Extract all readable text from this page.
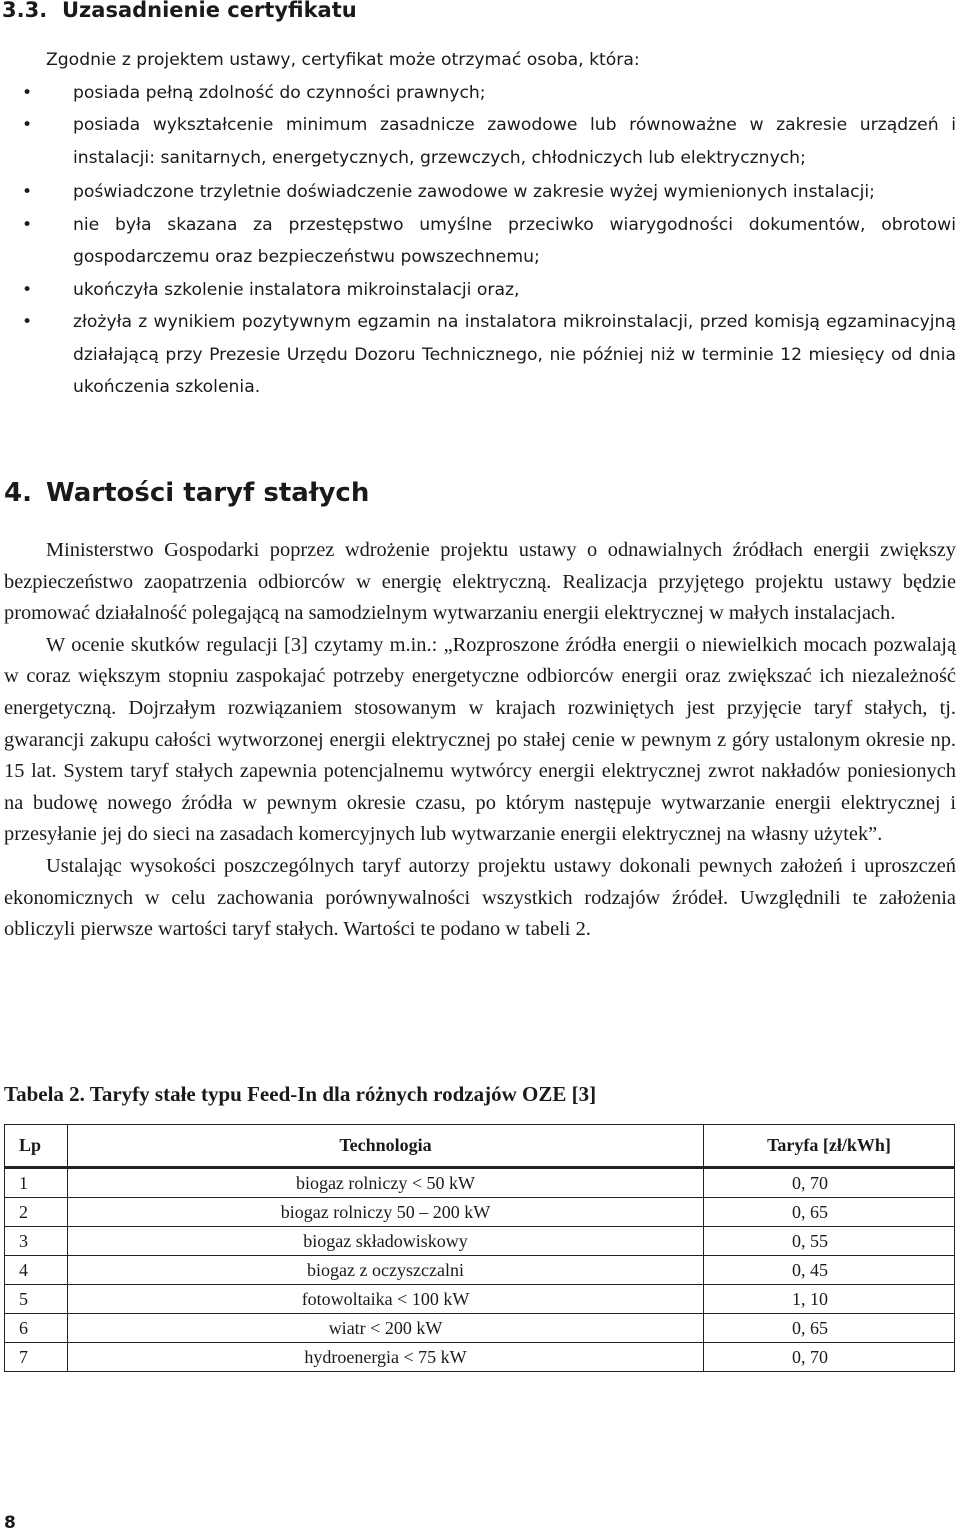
3.3. Uzasadnienie certyfikatu

Zgodnie z projektem ustawy, certyfikat może otrzymać osoba, która:

• posiada pełną zdolność do czynności prawnych;
• posiada wykształcenie minimum zasadnicze zawodowe lub równoważne w zakresie urządzeń i instalacji: sanitarnych, energetycznych, grzewczych, chłodniczych lub elektrycznych;
• poświadczone trzyletnie doświadczenie zawodowe w zakresie wyżej wymienionych instalacji;
• nie była skazana za przestępstwo umyślne przeciwko wiarygodności dokumentów, obrotowi gospodarczemu oraz bezpieczeństwu powszechnemu;
• ukończyła szkolenie instalatora mikroinstalacji oraz,
• złożyła z wynikiem pozytywnym egzamin na instalatora mikroinstalacji, przed komisją egzaminacyjną działającą przy Prezesie Urzędu Dozoru Technicznego, nie później niż w terminie 12 miesięcy od dnia ukończenia szkolenia.
4. Wartości taryf stałych

Ministerstwo Gospodarki poprzez wdrożenie projektu ustawy o odnawialnych źródłach energii zwiększy bezpieczeństwo zaopatrzenia odbiorców w energię elektryczną. Realizacja przyjętego projektu ustawy będzie promować działalność polegającą na samodzielnym wytwarzaniu energii elektrycznej w małych instalacjach.

W ocenie skutków regulacji [3] czytamy m.in.: „Rozproszone źródła energii o niewielkich mocach pozwalają w coraz większym stopniu zaspokajać potrzeby energetyczne odbiorców energii oraz zwiększać ich niezależność energetyczną. Dojrzałym rozwiązaniem stosowanym w krajach rozwiniętych jest przyjęcie taryf stałych, tj. gwarancji zakupu całości wytworzonej energii elektrycznej po stałej cenie w pewnym z góry ustalonym okresie np. 15 lat. System taryf stałych zapewnia potencjalnemu wytwórcy energii elektrycznej zwrot nakładów poniesionych na budowę nowego źródła w pewnym okresie czasu, po którym następuje wytwarzanie energii elektrycznej i przesyłanie jej do sieci na zasadach komercyjnych lub wytwarzanie energii elektrycznej na własny użytek”.

Ustalając wysokości poszczególnych taryf autorzy projektu ustawy dokonali pewnych założeń i uproszczeń ekonomicznych w celu zachowania porównywalności wszystkich rodzajów źródeł. Uwzględnili te założenia obliczyli pierwsze wartości taryf stałych. Wartości te podano w tabeli 2.

Tabela 2. Taryfy stałe typu Feed-In dla różnych rodzajów OZE [3]

Lp	Technologia	Taryfa [zł/kWh]
1	biogaz rolniczy < 50 kW	0, 70
2	biogaz rolniczy 50 – 200 kW	0, 65
3	biogaz składowiskowy	0, 55
4	biogaz z oczyszczalni	0, 45
5	fotowoltaika < 100 kW	1, 10
6	wiatr < 200 kW	0, 65
7	hydroenergia < 75 kW	0, 70
8
